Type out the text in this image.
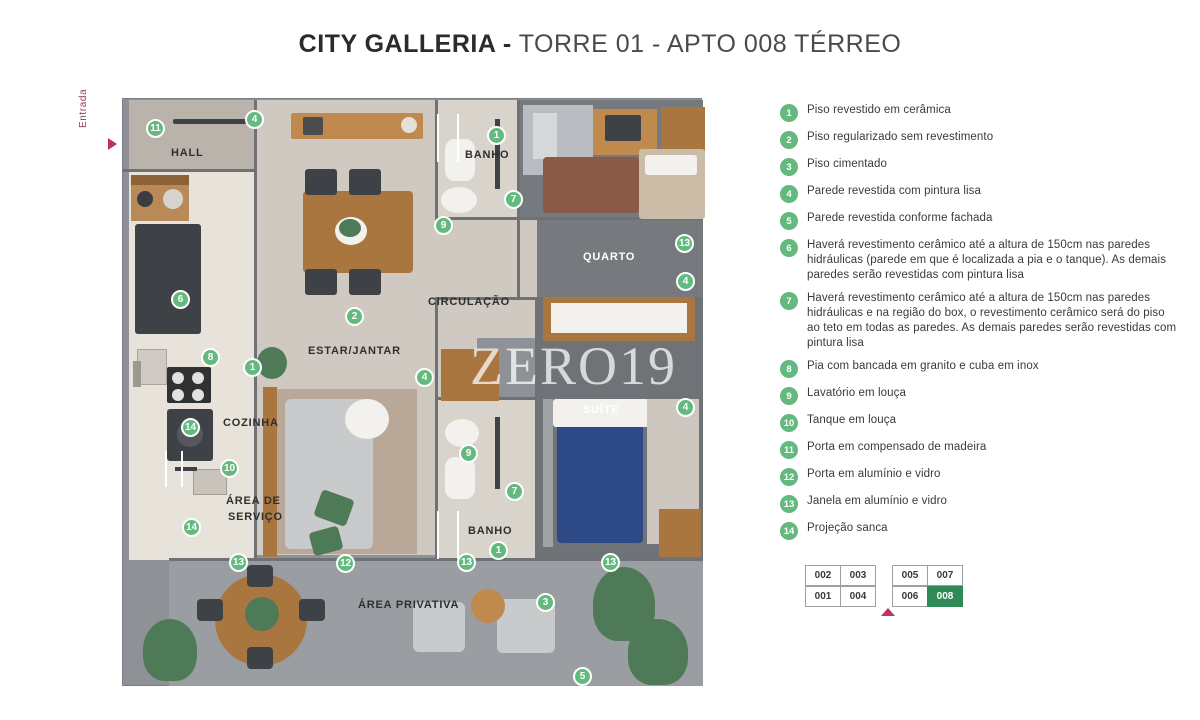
CITY GALLERIA - TORRE 01 - APTO 008 TÉRREO
Entrada
HALL
COZINHA
ÁREA DE
SERVIÇO
ESTAR/JANTAR
CIRCULAÇÃO
BANHO
BANHO
QUARTO
SUÍTE
ÁREA PRIVATIVA
11
4
1
7
9
13
4
6
2
8
1
4
4
14
9
10
7
14
1
13	12	13	13
3
5
ZERO19
1	Piso revestido em cerâmica
2	Piso regularizado sem revestimento
3	Piso cimentado
4	Parede revestida com pintura lisa
5	Parede revestida conforme fachada
6	Haverá revestimento cerâmico até a altura de 150cm nas paredes hidráulicas (parede em que é localizada a pia e o tanque). As demais paredes serão revestidas com pintura lisa
7	Haverá revestimento cerâmico até a altura de 150cm nas paredes hidráulicas e na região do box, o revestimento cerâmico será do piso ao teto em todas as paredes. As demais paredes serão revestidas com pintura lisa
8	Pia com bancada em granito e cuba em inox
9	Lavatório em louça
10	Tanque em louça
11	Porta em compensado de madeira
12	Porta em alumínio e vidro
13	Janela em alumínio e vidro
14	Projeção sanca
002	003	005	007
001	004	006	008
